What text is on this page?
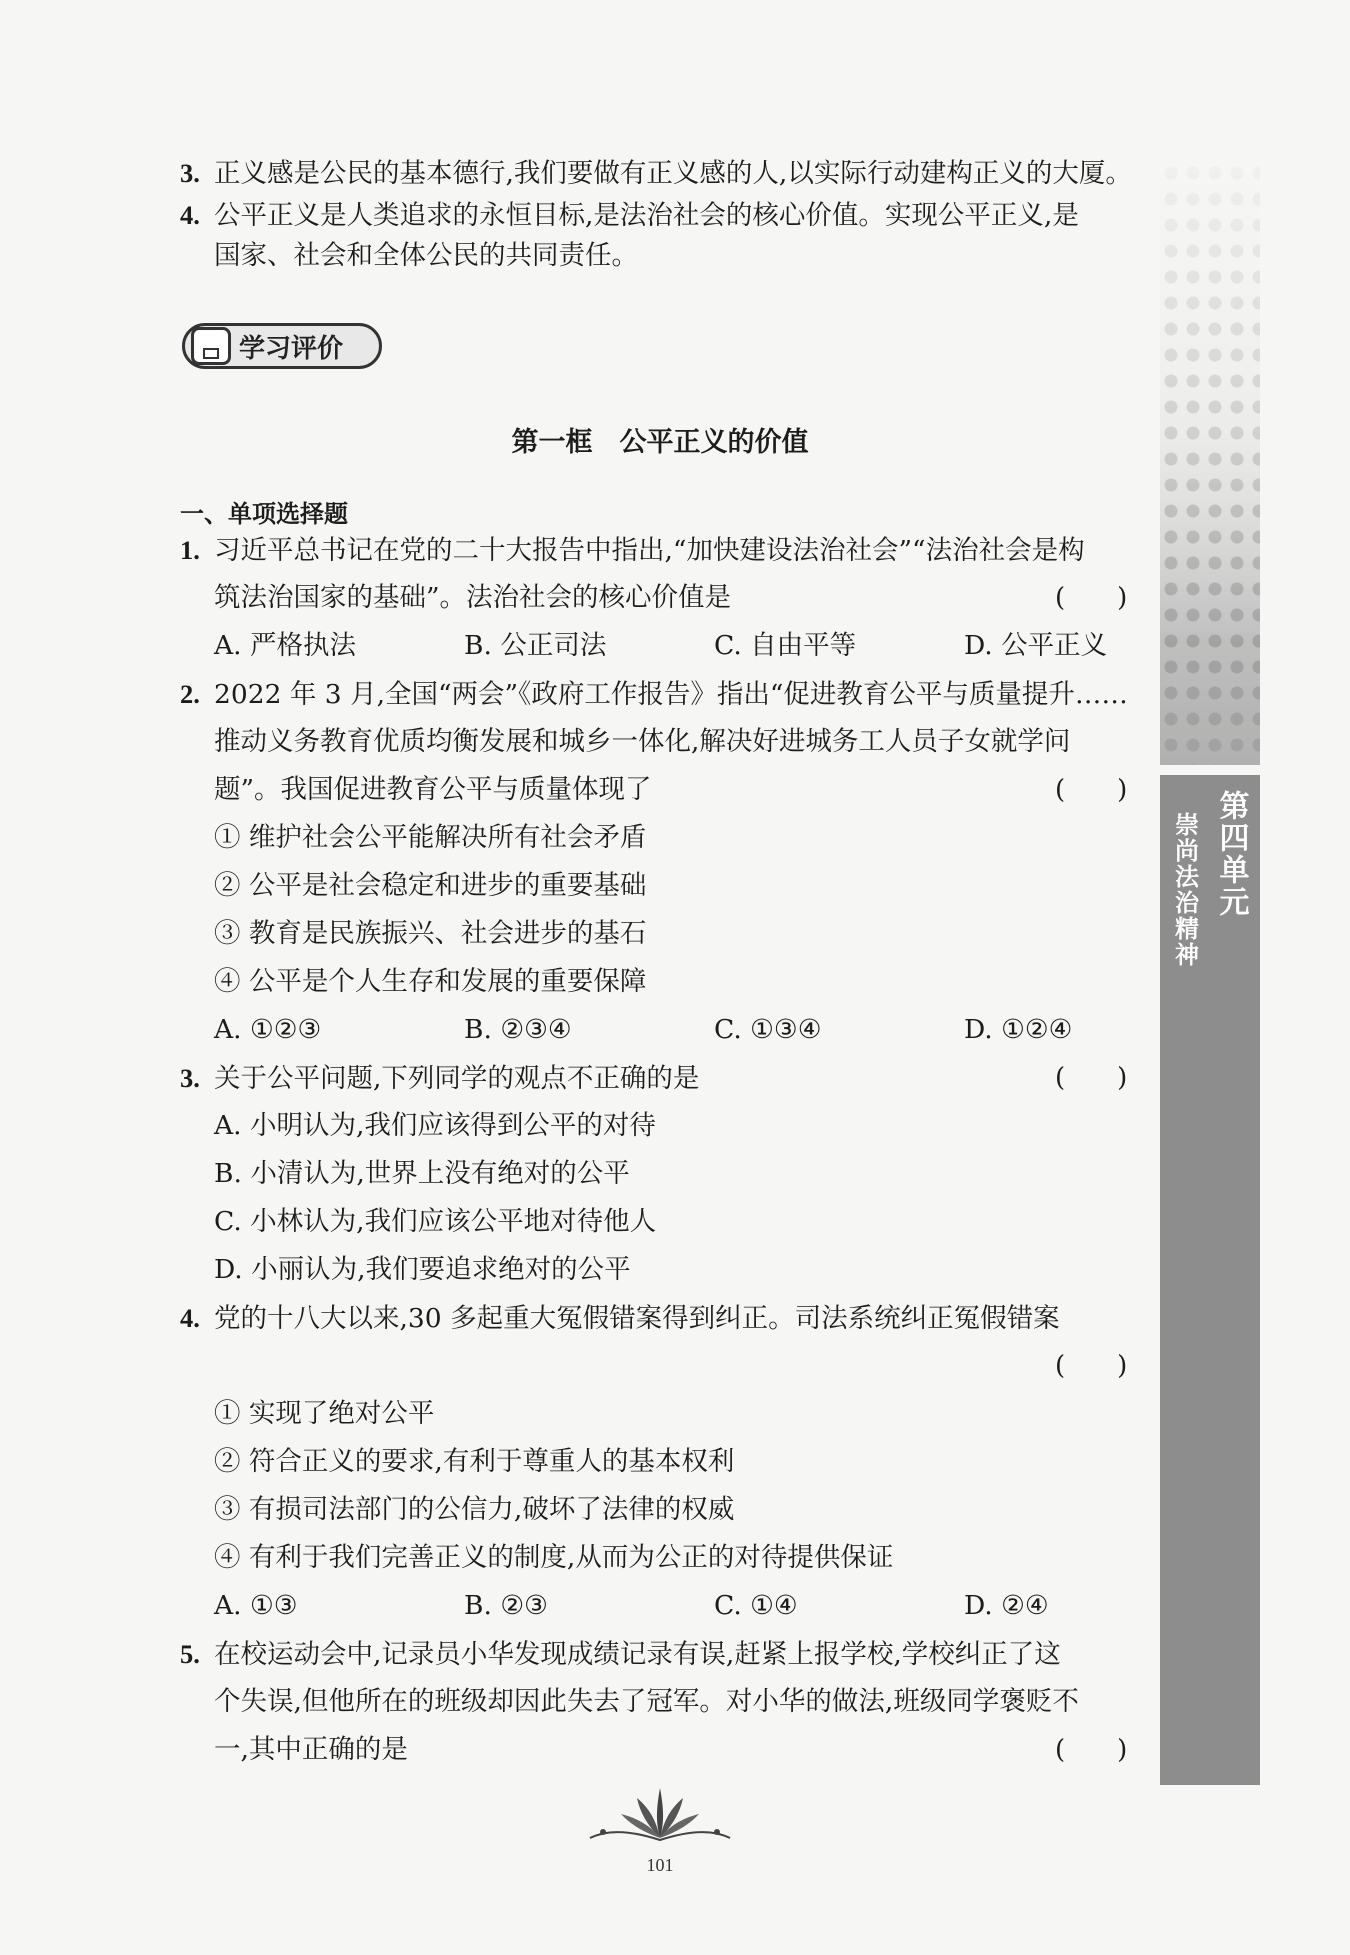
第四单元
崇尚法治精神
3. 正义感是公民的基本德行,我们要做有正义感的人,以实际行动建构正义的大厦。
4. 公平正义是人类追求的永恒目标,是法治社会的核心价值。实现公平正义,是
国家、社会和全体公民的共同责任。
1. 习近平总书记在党的二十大报告中指出,“加快建设法治社会”“法治社会是构
筑法治国家的基础”。法治社会的核心价值是	(　　)
A. 严格执法	B. 公正司法	C. 自由平等	D. 公平正义
2. 2022 年 3 月,全国“两会”《政府工作报告》指出“促进教育公平与质量提升……
推动义务教育优质均衡发展和城乡一体化,解决好进城务工人员子女就学问
题”。我国促进教育公平与质量体现了	(　　)
① 维护社会公平能解决所有社会矛盾
② 公平是社会稳定和进步的重要基础
③ 教育是民族振兴、社会进步的基石
④ 公平是个人生存和发展的重要保障
A. ①②③	B. ②③④	C. ①③④	D. ①②④
3. 关于公平问题,下列同学的观点不正确的是	(　　)
A. 小明认为,我们应该得到公平的对待
B. 小清认为,世界上没有绝对的公平
C. 小林认为,我们应该公平地对待他人
D. 小丽认为,我们要追求绝对的公平
4. 党的十八大以来,30 多起重大冤假错案得到纠正。司法系统纠正冤假错案
(　　)
① 实现了绝对公平
② 符合正义的要求,有利于尊重人的基本权利
③ 有损司法部门的公信力,破坏了法律的权威
④ 有利于我们完善正义的制度,从而为公正的对待提供保证
A. ①③	B. ②③	C. ①④	D. ②④
5. 在校运动会中,记录员小华发现成绩记录有误,赶紧上报学校,学校纠正了这
个失误,但他所在的班级却因此失去了冠军。对小华的做法,班级同学褒贬不
一,其中正确的是	(　　)
学习评价
第一框　公平正义的价值
一、单项选择题
101
